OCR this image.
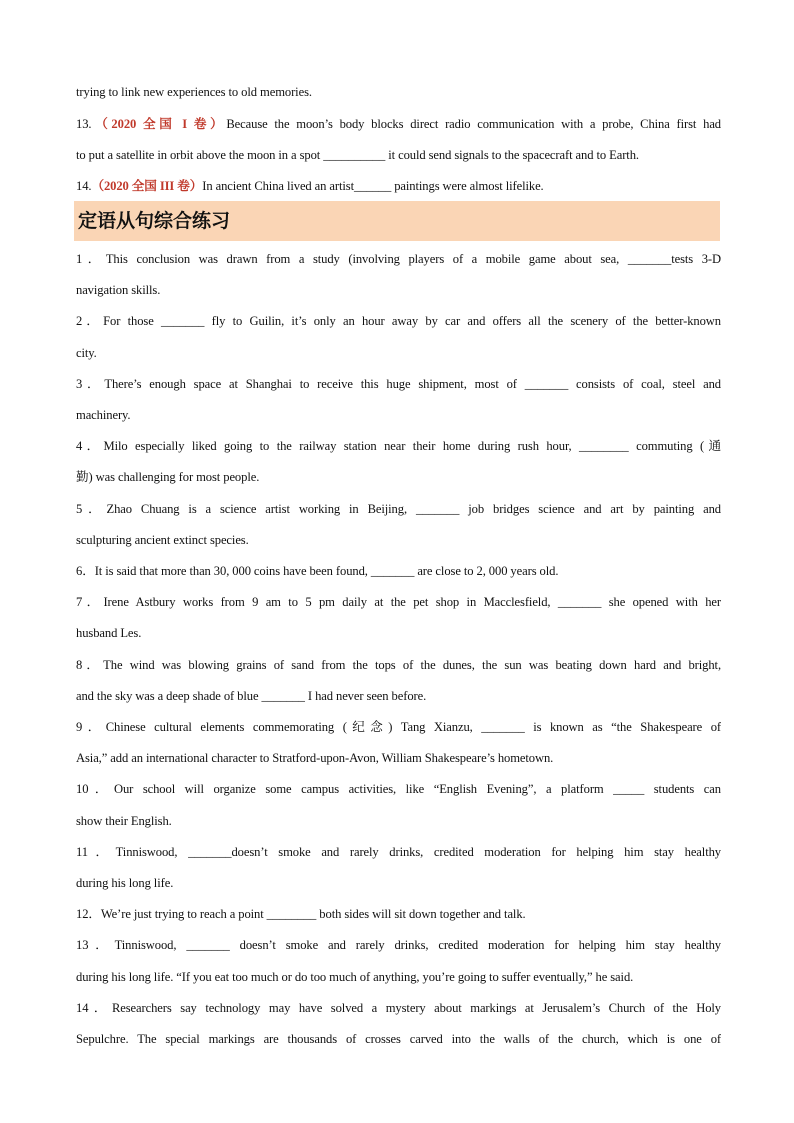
trying to link new experiences to old memories.
13.（2020 全国 I 卷）Because the moon’s body blocks direct radio communication with a probe, China first had
to put a satellite in orbit above the moon in a spot __________ it could send signals to the spacecraft and to Earth.
14.（2020 全国 III 卷）In ancient China lived an artist______ paintings were almost lifelike.
定语从句综合练习
1．This conclusion was drawn from a study (involving players of a mobile game about sea, _______tests 3-D
navigation skills.
2．For those _______ fly to Guilin, it’s only an hour away by car and offers all the scenery of the better-known
city.
3．There’s enough space at Shanghai to receive this huge shipment, most of _______ consists of coal, steel and
machinery.
4．Milo especially liked going to the railway station near their home during rush hour, ________ commuting (通
勤) was challenging for most people.
5．Zhao Chuang is a science artist working in Beijing, _______ job bridges science and art by painting and
sculpturing ancient extinct species.
6．It is said that more than 30, 000 coins have been found, _______ are close to 2, 000 years old.
7．Irene Astbury works from 9 am to 5 pm daily at the pet shop in Macclesfield, _______ she opened with her
husband Les.
8．The wind was blowing grains of sand from the tops of the dunes, the sun was beating down hard and bright,
and the sky was a deep shade of blue _______ I had never seen before.
9．Chinese cultural elements commemorating (纪念) Tang Xianzu, _______ is known as “the Shakespeare of
Asia,” add an international character to Stratford-upon-Avon, William Shakespeare’s hometown.
10．Our school will organize some campus activities, like “English Evening”, a platform _____ students can
show their English.
11．Tinniswood, _______doesn’t smoke and rarely drinks, credited moderation for helping him stay healthy
during his long life.
12．We’re just trying to reach a point ________ both sides will sit down together and talk.
13．Tinniswood, _______ doesn’t smoke and rarely drinks, credited moderation for helping him stay healthy
during his long life. “If you eat too much or do too much of anything, you’re going to suffer eventually,” he said.
14．Researchers say technology may have solved a mystery about markings at Jerusalem’s Church of the Holy
Sepulchre. The special markings are thousands of crosses carved into the walls of the church, which is one of
